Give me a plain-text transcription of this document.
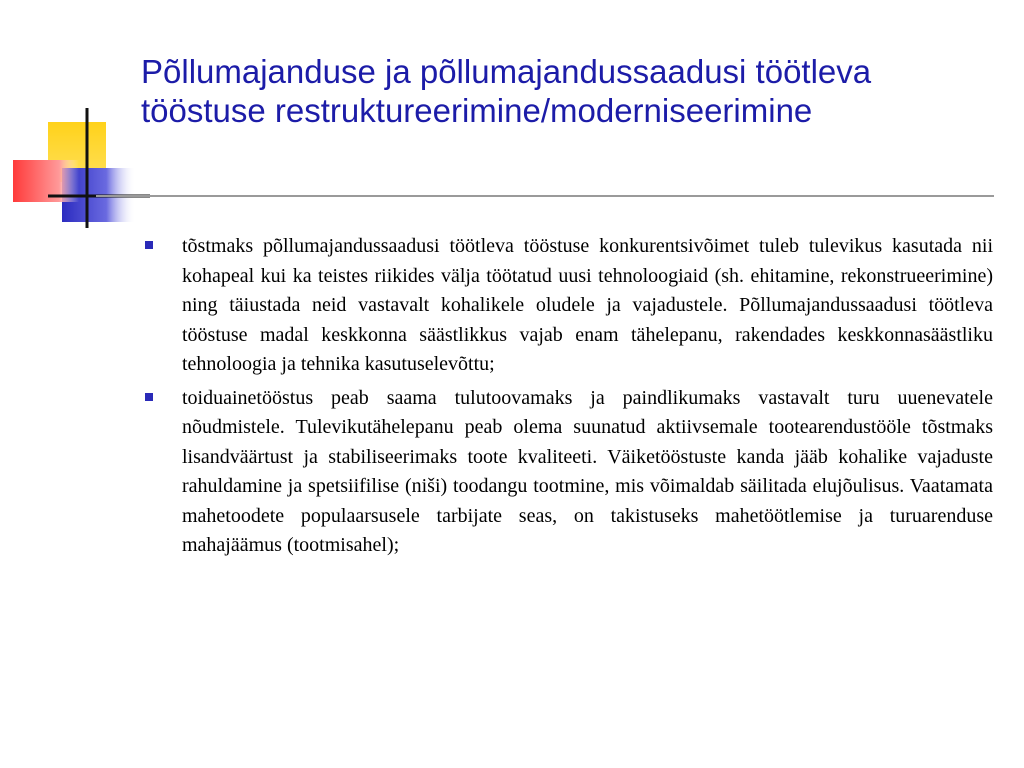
Põllumajanduse ja põllumajandussaadusi töötleva tööstuse restruktureerimine/moderniseerimine
tõstmaks põllumajandussaadusi töötleva tööstuse konkurentsivõimet tuleb tulevikus kasutada nii kohapeal kui ka teistes riikides välja töötatud uusi tehnoloogiaid (sh. ehitamine, rekonstrueerimine) ning täiustada neid vastavalt kohalikele oludele ja vajadustele. Põllumajandussaadusi töötleva tööstuse madal keskkonna säästlikkus vajab enam tähelepanu, rakendades keskkonnasäästliku tehnoloogia ja tehnika kasutuselevõttu;
toiduainetööstus peab saama tulutoovamaks ja paindlikumaks vastavalt turu uuenevatele nõudmistele. Tulevikutähelepanu peab olema suunatud aktiivsemale tootearendustööle tõstmaks lisandväärtust ja stabiliseerimaks toote kvaliteeti. Väiketööstuste kanda jääb kohalike vajaduste rahuldamine ja spetsiifilise (niši) toodangu tootmine, mis võimaldab säilitada elujõulisus. Vaatamata mahetoodete populaarsusele tarbijate seas, on takistuseks mahetöötlemise ja turuarenduse mahajäämus (tootmisahel);
